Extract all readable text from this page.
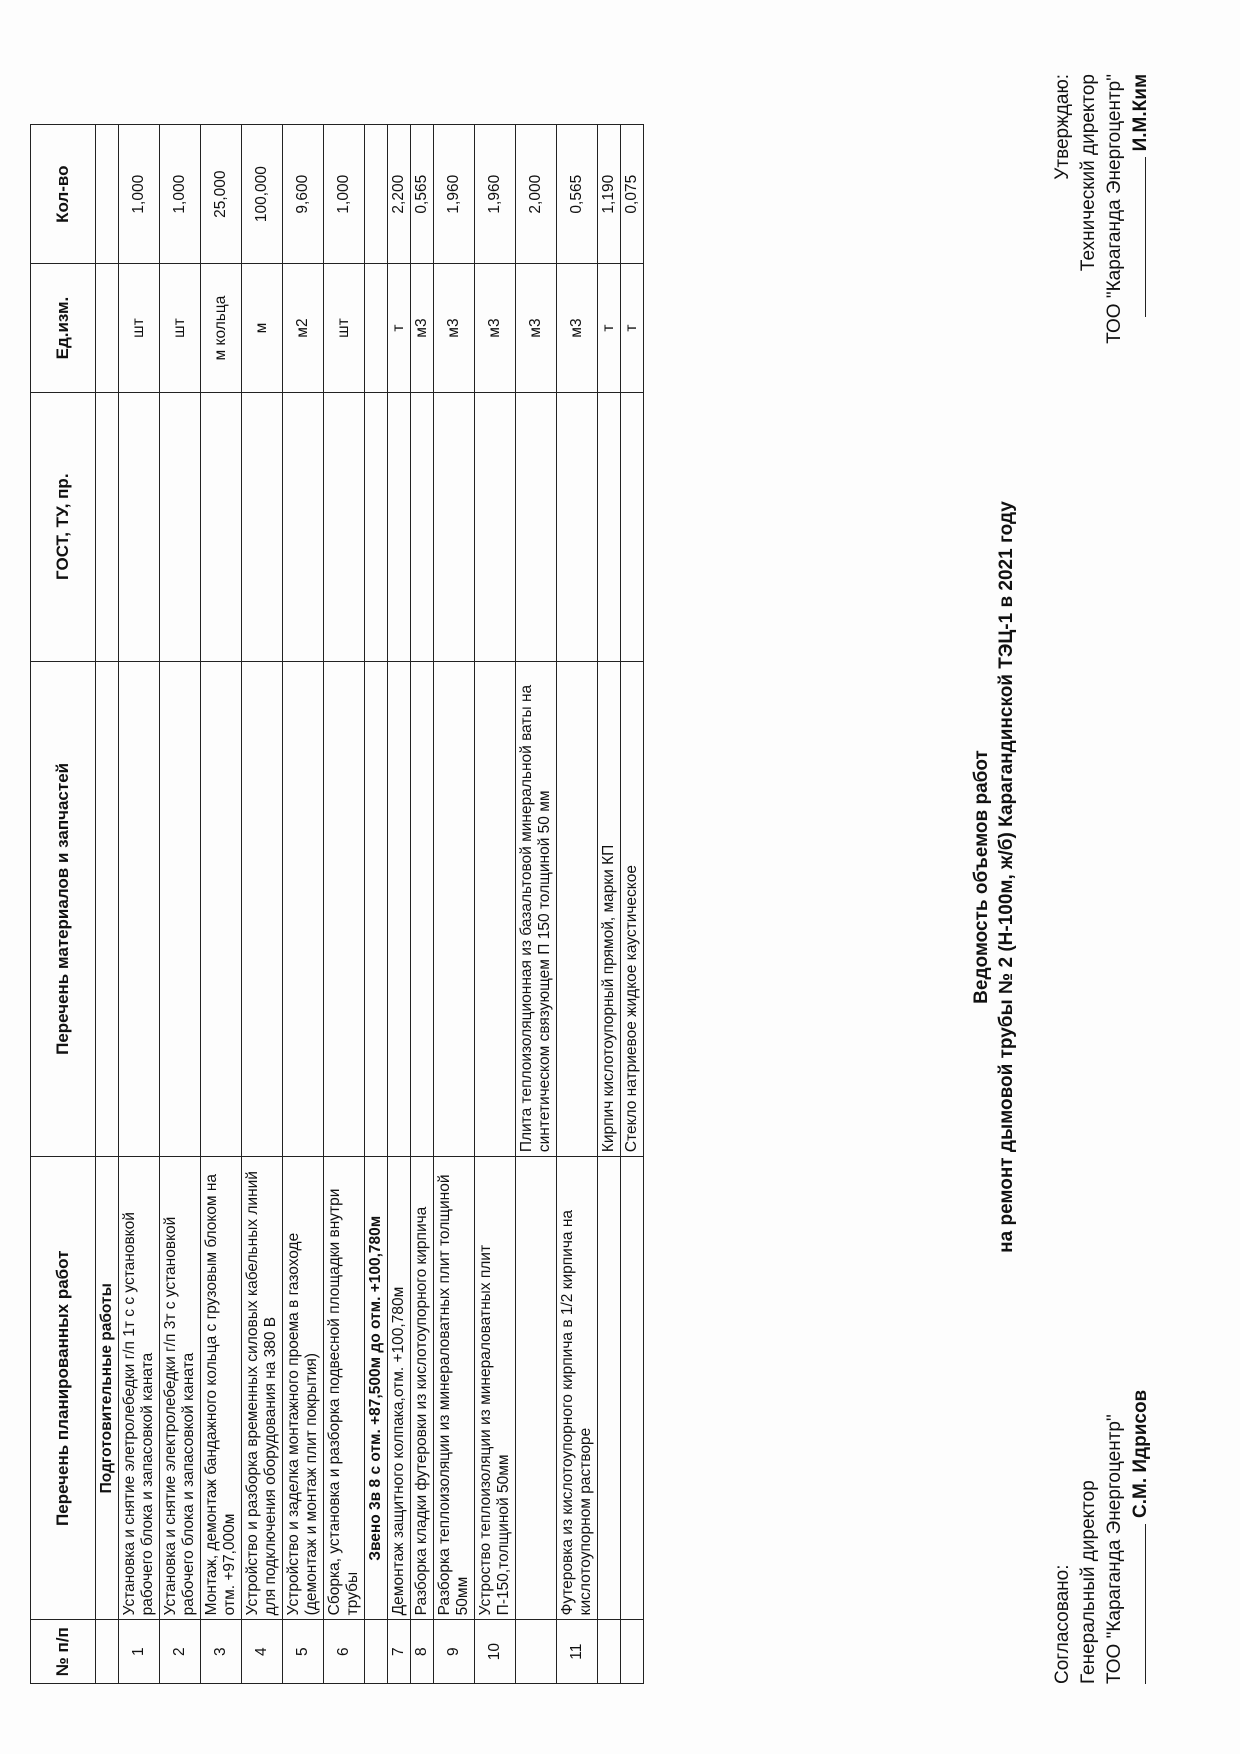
№ п/п	Перечень планированных работ	Перечень материалов и запчастей	ГОСТ, ТУ, пр.	Ед.изм.	Кол-во
	Подготовительные работы				
1	Установка и снятие элетролебедки г/п 1т с с установкой рабочего блока и запасовкой каната			шт	1,000
2	Установка и снятие электролебедки г/п 3т с установкой рабочего блока и запасовкой каната			шт	1,000
3	Монтаж, демонтаж бандажного кольца с грузовым блоком на отм. +97,000м			м кольца	25,000
4	Устройство и разборка временных силовых кабельных линий для подключения оборудования на 380 В			м	100,000
5	Устройство и заделка монтажного проема в газоходе (демонтаж и монтаж плит покрытия)			м2	9,600
6	Сборка, установка и разборка подвесной площадки внутри трубы			шт	1,000
	Звено 3в 8 с отм. +87,500м до отм. +100,780м				
7	Демонтаж защитного колпака,отм. +100,780м			т	2,200
8	Разборка кладки футеровки из кислотоупорного кирпича			м3	0,565
9	Разборка теплоизоляции из минераловатных плит толщиной 50мм			м3	1,960
10	Устроство теплоизоляции из минераловатных плит П-150,толщиной 50мм			м3	1,960
		Плита теплоизоляционная из базальтовой минеральной ваты на синтетическом связующем П 150 толщиной 50 мм		м3	2,000
11	Футеровка из кислотоупорного кирпича в 1/2 кирпича на кислотоупорном растворе			м3	0,565
		Кирпич кислотоупорный прямой, марки КП		т	1,190
		Стекло натриевое жидкое каустическое		т	0,075
Ведомость объемов работ на ремонт дымовой трубы № 2 (Н-100м, ж/б) Карагандинской ТЭЦ-1 в 2021 году
Согласовано: Генеральный директор ТОО "Караганда Энергоцентр" С.М. Идрисов
Утверждаю: Технический директор ТОО "Караганда Энергоцентр" И.М.Ким
